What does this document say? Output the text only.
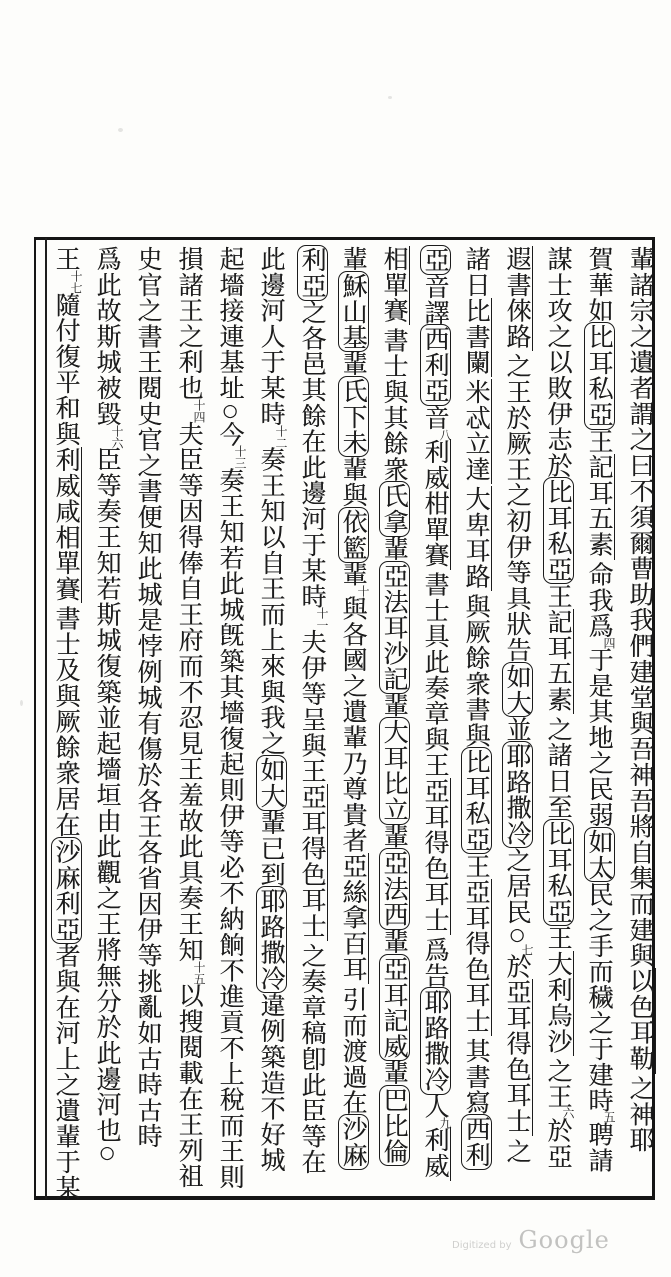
輩諸宗之遺者謂之曰不須爾曹助我們建堂與吾神吾將自集而建與以色耳勒之神耶
賀華如比耳私亞王記耳五素命我爲四于是其地之民弱如太民之手而穢之于建時五聘請
謀士攻之以敗伊志於比耳私亞王記耳五素之諸日至比耳私亞王大利烏沙之王六於亞
遐書倈路之王於厥王之初伊等具狀告如大並耶路撒冷之居民○七於亞耳得色耳士之
諸日比書闌米忒立達大卑耳路與厥餘衆書與比耳私亞王亞耳得色耳士其書寫西利
亞音譯西利亞音八利威柑單賽書士具此奏章與王亞耳得色耳士爲告耶路撒冷人九利威
相單賽書士與其餘衆氏拿輩亞法耳沙記輩大耳比立輩亞法西輩亞耳記威輩巴比倫
輩穌山基輩氏下未輩與依籃輩十與各國之遺輩乃尊貴者亞絲拿百耳引而渡過在沙麻
利亞之各邑其餘在此邊河于某時十一夫伊等呈與王亞耳得色耳士之奏章稿卽此臣等在
此邊河人于某時十二奏王知以自王而上來與我之如大輩已到耶路撒冷違例築造不好城
起墻接連基址○今十三奏王知若此城旣築其墻復起則伊等必不納餉不進貢不上稅而王則
損諸王之利也十四夫臣等因得俸自王府而不忍見王羞故此具奏王知十五以搜閱載在王列祖
史官之書王閱史官之書便知此城是悖例城有傷於各王各省因伊等挑亂如古時古時
爲此故斯城被毀十六臣等奏王知若斯城復築並起墻垣由此觀之王將無分於此邊河也○
王十七隨付復平和與利威咸相單賽書士及與厥餘衆居在沙麻利亞者與在河上之遺輩于某
Digitized by Google
